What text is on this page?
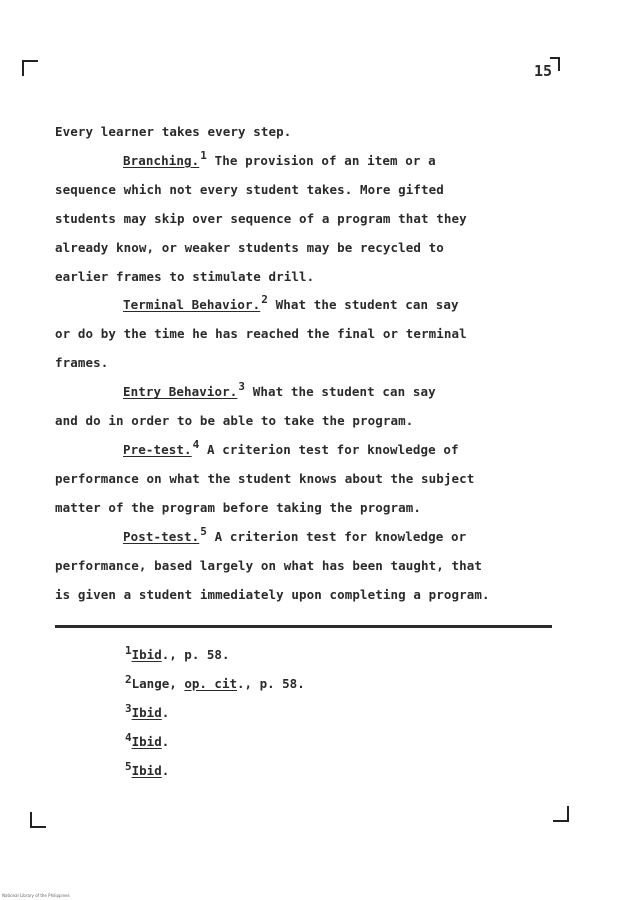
15

Every learner takes every step.

Branching.$^1$ The provision of an item or a

sequence which not every student takes. More gifted

students may skip over sequence of a program that they

already know, or weaker students may be recycled to

earlier frames to stimulate drill.

Terminal Behavior.$^2$ What the student can say

or do by the time he has reached the final or terminal

frames.

Entry Behavior.$^3$ What the student can say

and do in order to be able to take the program.

Pre-test.$^4$ A criterion test for knowledge of

performance on what the student knows about the subject

matter of the program before taking the program.

Post-test.$^5$ A criterion test for knowledge or

performance, based largely on what has been taught, that

is given a student immediately upon completing a program.

1Ibid., p. 58.

2Lange, op. cit., p. 58.

3Ibid.

4Ibid.

5Ibid.

National Library of the Philippines
